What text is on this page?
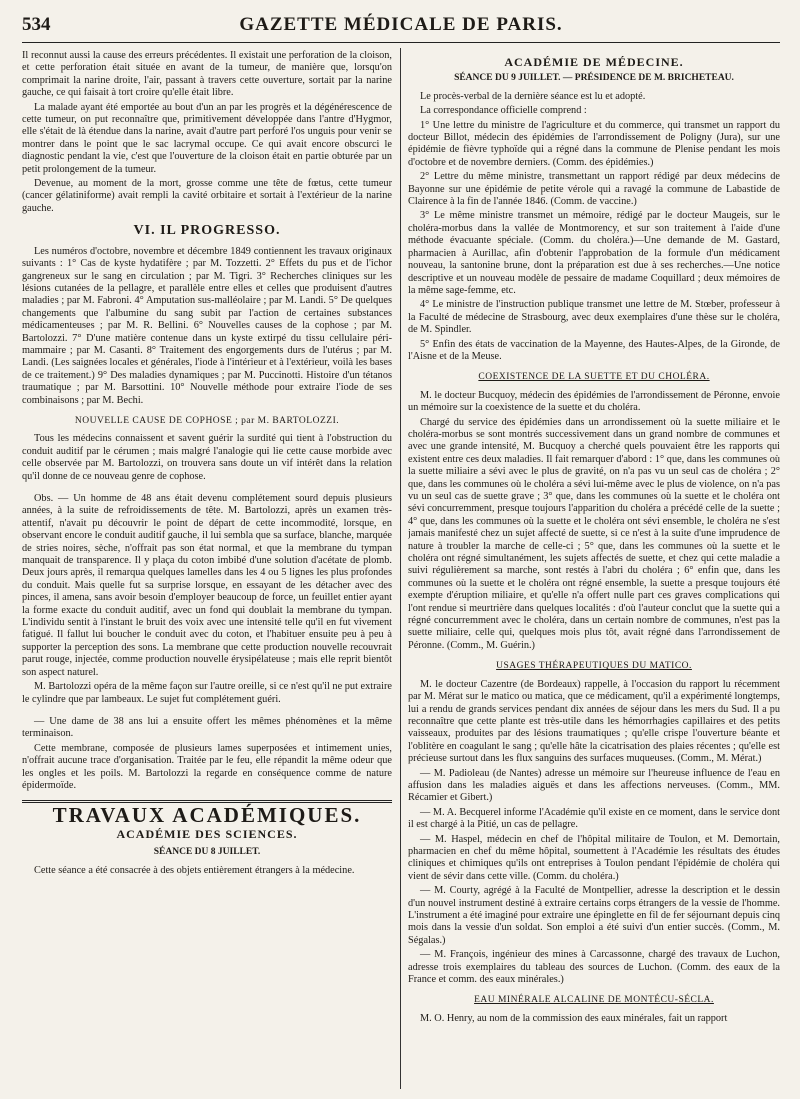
534	GAZETTE MÉDICALE DE PARIS.

Il reconnut aussi la cause des erreurs précédentes. Il existait une perforation de la cloison, et cette perforation était située en avant de la tumeur, de manière que, lorsqu'on comprimait la narine droite, l'air, passant à travers cette ouverture, sortait par la narine gauche, ce qui faisait à tort croire qu'elle était libre.

La malade ayant été emportée au bout d'un an par les progrès et la dégénérescence de cette tumeur, on put reconnaître que, primitivement développée dans l'antre d'Hygmor, elle s'était de là étendue dans la narine, avait d'autre part perforé l'os unguis pour venir se montrer dans le point que le sac lacrymal occupe. Ce qui avait encore obscurci le diagnostic pendant la vie, c'est que l'ouverture de la cloison était en partie obturée par un petit prolongement de la tumeur.

Devenue, au moment de la mort, grosse comme une tête de fœtus, cette tumeur (cancer gélatiniforme) avait rempli la cavité orbitaire et sortait à l'extérieur de la narine gauche.

VI. IL PROGRESSO.

Les numéros d'octobre, novembre et décembre 1849 contiennent les travaux originaux suivants : 1° Cas de kyste hydatifère ; par M. Tozzetti. 2° Effets du pus et de l'ichor gangreneux sur le sang en circulation ; par M. Tigri. 3° Recherches cliniques sur les lésions cutanées de la pellagre, et parallèle entre elles et celles que produisent d'autres maladies ; par M. Fabroni. 4° Amputation sus-malléolaire ; par M. Landi. 5° De quelques changements que l'albumine du sang subit par l'action de certaines substances médicamenteuses ; par M. R. Bellini. 6° Nouvelles causes de la cophose ; par M. Bartolozzi. 7° D'une matière contenue dans un kyste extirpé du tissu cellulaire péri-mammaire ; par M. Casanti. 8° Traitement des engorgements durs de l'utérus ; par M. Landi. (Les saignées locales et générales, l'iode à l'intérieur et à l'extérieur, voilà les bases de ce traitement.) 9° Des maladies dynamiques ; par M. Puccinotti. Histoire d'un tétanos traumatique ; par M. Barsottini. 10° Nouvelle méthode pour extraire l'iode de ses combinaisons ; par M. Bechi.

NOUVELLE CAUSE DE COPHOSE ; par M. BARTOLOZZI.

Tous les médecins connaissent et savent guérir la surdité qui tient à l'obstruction du conduit auditif par le cérumen ; mais malgré l'analogie qui lie cette cause morbide avec celle observée par M. Bartolozzi, on trouvera sans doute un vif intérêt dans la relation qu'il donne de ce nouveau genre de cophose.

Obs. — Un homme de 48 ans était devenu complétement sourd depuis plusieurs années, à la suite de refroidissements de tête. M. Bartolozzi, après un examen très-attentif, n'avait pu découvrir le point de départ de cette incommodité, lorsque, en observant encore le conduit auditif gauche, il lui sembla que sa surface, blanche, marquée de stries noires, sèche, n'offrait pas son état normal, et que la membrane du tympan manquait de transparence. Il y plaça du coton imbibé d'une solution d'acétate de plomb. Deux jours après, il remarqua quelques lamelles dans les 4 ou 5 lignes les plus profondes du conduit. Mais quelle fut sa surprise lorsque, en essayant de les détacher avec des pinces, il amena, sans avoir besoin d'employer beaucoup de force, un feuillet entier ayant la forme exacte du conduit auditif, avec un fond qui doublait la membrane du tympan. L'individu sentit à l'instant le bruit des voix avec une intensité telle qu'il en fut vivement fatigué. Il fallut lui boucher le conduit avec du coton, et l'habituer ensuite peu à peu à supporter la perception des sons. La membrane que cette production nouvelle recouvrait parut rouge, injectée, comme production nouvelle érysipélateuse ; mais elle reprit bientôt son aspect naturel.

M. Bartolozzi opéra de la même façon sur l'autre oreille, si ce n'est qu'il ne put extraire le cylindre que par lambeaux. Le sujet fut complétement guéri.

— Une dame de 38 ans lui a ensuite offert les mêmes phénomènes et la même terminaison.

Cette membrane, composée de plusieurs lames superposées et intimement unies, n'offrait aucune trace d'organisation. Traitée par le feu, elle répandit la même odeur que les ongles et les poils. M. Bartolozzi la regarde en conséquence comme de nature épidermoïde.

TRAVAUX ACADÉMIQUES.
ACADÉMIE DES SCIENCES.
SÉANCE DU 8 JUILLET.

Cette séance a été consacrée à des objets entièrement étrangers à la médecine.

ACADÉMIE DE MÉDECINE.
SÉANCE DU 9 JUILLET. — PRÉSIDENCE DE M. BRICHETEAU.

Le procès-verbal de la dernière séance est lu et adopté.

La correspondance officielle comprend :

1° Une lettre du ministre de l'agriculture et du commerce, qui transmet un rapport du docteur Billot, médecin des épidémies de l'arrondissement de Poligny (Jura), sur une épidémie de fièvre typhoïde qui a régné dans la commune de Plenise pendant les mois d'octobre et de novembre derniers. (Comm. des épidémies.)

2° Lettre du même ministre, transmettant un rapport rédigé par deux médecins de Bayonne sur une épidémie de petite vérole qui a ravagé la commune de Labastide de Clairence à la fin de l'année 1846. (Comm. de vaccine.)

3° Le même ministre transmet un mémoire, rédigé par le docteur Maugeis, sur le choléra-morbus dans la vallée de Montmorency, et sur son traitement à l'aide d'une méthode évacuante spéciale. (Comm. du choléra.)—Une demande de M. Gastard, pharmacien à Aurillac, afin d'obtenir l'approbation de la formule d'un médicament nouveau, la santonine brune, dont la préparation est due à ses recherches.—Une notice descriptive et un nouveau modèle de pessaire de madame Coquillard ; deux mémoires de la même sage-femme, etc.

4° Le ministre de l'instruction publique transmet une lettre de M. Stœber, professeur à la Faculté de médecine de Strasbourg, avec deux exemplaires d'une thèse sur le choléra, de M. Spindler.

5° Enfin des états de vaccination de la Mayenne, des Hautes-Alpes, de la Gironde, de l'Aisne et de la Meuse.

COEXISTENCE DE LA SUETTE ET DU CHOLÉRA.

M. le docteur Bucquoy, médecin des épidémies de l'arrondissement de Péronne, envoie un mémoire sur la coexistence de la suette et du choléra.

Chargé du service des épidémies dans un arrondissement où la suette miliaire et le choléra-morbus se sont montrés successivement dans un grand nombre de communes et avec une grande intensité, M. Bucquoy a cherché quels pouvaient être les rapports qui existent entre ces deux maladies. Il fait remarquer d'abord : 1° que, dans les communes où la suette miliaire a sévi avec le plus de gravité, on n'a pas vu un seul cas de choléra ; 2° que, dans les communes où le choléra a sévi lui-même avec le plus de violence, on n'a pas vu un seul cas de suette grave ; 3° que, dans les communes où la suette et le choléra ont sévi concurremment, presque toujours l'apparition du choléra a précédé celle de la suette ; 4° que, dans les communes où la suette et le choléra ont sévi ensemble, le choléra ne s'est jamais manifesté chez un sujet affecté de suette, si ce n'est à la suite d'une imprudence de nature à troubler la marche de celle-ci ; 5° que, dans les communes où la suette et le choléra ont régné simultanément, les sujets affectés de suette, et chez qui cette maladie a suivi régulièrement sa marche, sont restés à l'abri du choléra ; 6° enfin que, dans les communes où la suette et le choléra ont régné ensemble, la suette a presque toujours été exempte d'éruption miliaire, et qu'elle n'a offert nulle part ces graves complications qui l'ont rendue si meurtrière dans quelques localités : d'où l'auteur conclut que la suette qui a régné concurremment avec le choléra, dans un certain nombre de communes, n'est pas la suette miliaire, celle qui, quelques mois plus tôt, avait régné dans l'arrondissement de Péronne. (Comm., M. Guérin.)

USAGES THÉRAPEUTIQUES DU MATICO.

M. le docteur Cazentre (de Bordeaux) rappelle, à l'occasion du rapport lu récemment par M. Mérat sur le matico ou matica, que ce médicament, qu'il a expérimenté longtemps, lui a rendu de grands services pendant dix années de séjour dans les mers du Sud. Il a pu reconnaître que cette plante est très-utile dans les hémorrhagies capillaires et des petits vaisseaux, produites par des lésions traumatiques ; qu'elle crispe l'ouverture béante et l'oblitère en coagulant le sang ; qu'elle hâte la cicatrisation des plaies récentes ; qu'elle est précieuse surtout dans les flux sanguins des surfaces muqueuses. (Comm., M. Mérat.)

— M. Padioleau (de Nantes) adresse un mémoire sur l'heureuse influence de l'eau en affusion dans les maladies aiguës et dans les affections nerveuses. (Comm., MM. Récamier et Gibert.)

— M. A. Becquerel informe l'Académie qu'il existe en ce moment, dans le service dont il est chargé à la Pitié, un cas de pellagre.

— M. Haspel, médecin en chef de l'hôpital militaire de Toulon, et M. Demortain, pharmacien en chef du même hôpital, soumettent à l'Académie les résultats des études cliniques et chimiques qu'ils ont entreprises à Toulon pendant l'épidémie de choléra qui vient de sévir dans cette ville. (Comm. du choléra.)

— M. Courty, agrégé à la Faculté de Montpellier, adresse la description et le dessin d'un nouvel instrument destiné à extraire certains corps étrangers de la vessie de l'homme. L'instrument a été imaginé pour extraire une épinglette en fil de fer séjournant depuis cinq mois dans la vessie d'un soldat. Son emploi a été suivi d'un entier succès. (Comm., M. Ségalas.)

— M. François, ingénieur des mines à Carcassonne, chargé des travaux de Luchon, adresse trois exemplaires du tableau des sources de Luchon. (Comm. des eaux de la France et comm. des eaux minérales.)

EAU MINÉRALE ALCALINE DE MONTÉCU-SÉCLA.

M. O. Henry, au nom de la commission des eaux minérales, fait un rapport
